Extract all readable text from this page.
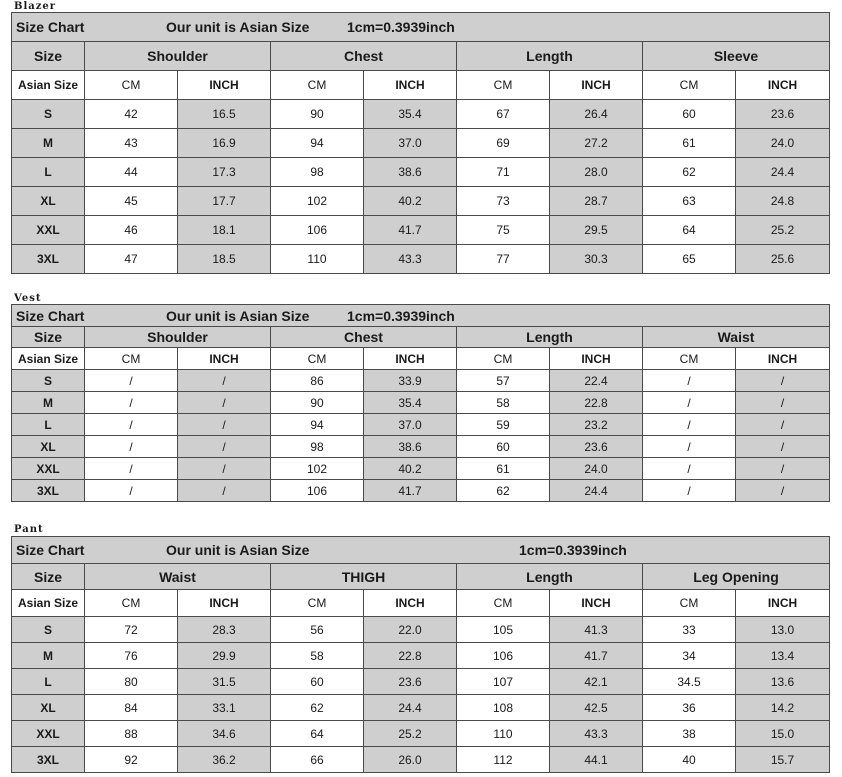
Blazer
Size Chart Our unit is Asian Size 1cm=0.3939inch								

Size	Shoulder		Chest		Length		Sleeve	
Asian Size	CM	INCH	CM	INCH	CM	INCH	CM	INCH
S	42	16.5	90	35.4	67	26.4	60	23.6
M	43	16.9	94	37.0	69	27.2	61	24.0
L	44	17.3	98	38.6	71	28.0	62	24.4
XL	45	17.7	102	40.2	73	28.7	63	24.8
XXL	46	18.1	106	41.7	75	29.5	64	25.2
3XL	47	18.5	110	43.3	77	30.3	65	25.6
Vest
Size Chart Our unit is Asian Size 1cm=0.3939inch								

Size	Shoulder		Chest		Length		Waist	
Asian Size	CM	INCH	CM	INCH	CM	INCH	CM	INCH
S	/	/	86	33.9	57	22.4	/	/
M	/	/	90	35.4	58	22.8	/	/
L	/	/	94	37.0	59	23.2	/	/
XL	/	/	98	38.6	60	23.6	/	/
XXL	/	/	102	40.2	61	24.0	/	/
3XL	/	/	106	41.7	62	24.4	/	/
Pant
Size Chart Our unit is Asian Size 1cm=0.3939inch								

Size	Waist		THIGH		Length		Leg Opening	
Asian Size	CM	INCH	CM	INCH	CM	INCH	CM	INCH
S	72	28.3	56	22.0	105	41.3	33	13.0
M	76	29.9	58	22.8	106	41.7	34	13.4
L	80	31.5	60	23.6	107	42.1	34.5	13.6
XL	84	33.1	62	24.4	108	42.5	36	14.2
XXL	88	34.6	64	25.2	110	43.3	38	15.0
3XL	92	36.2	66	26.0	112	44.1	40	15.7
